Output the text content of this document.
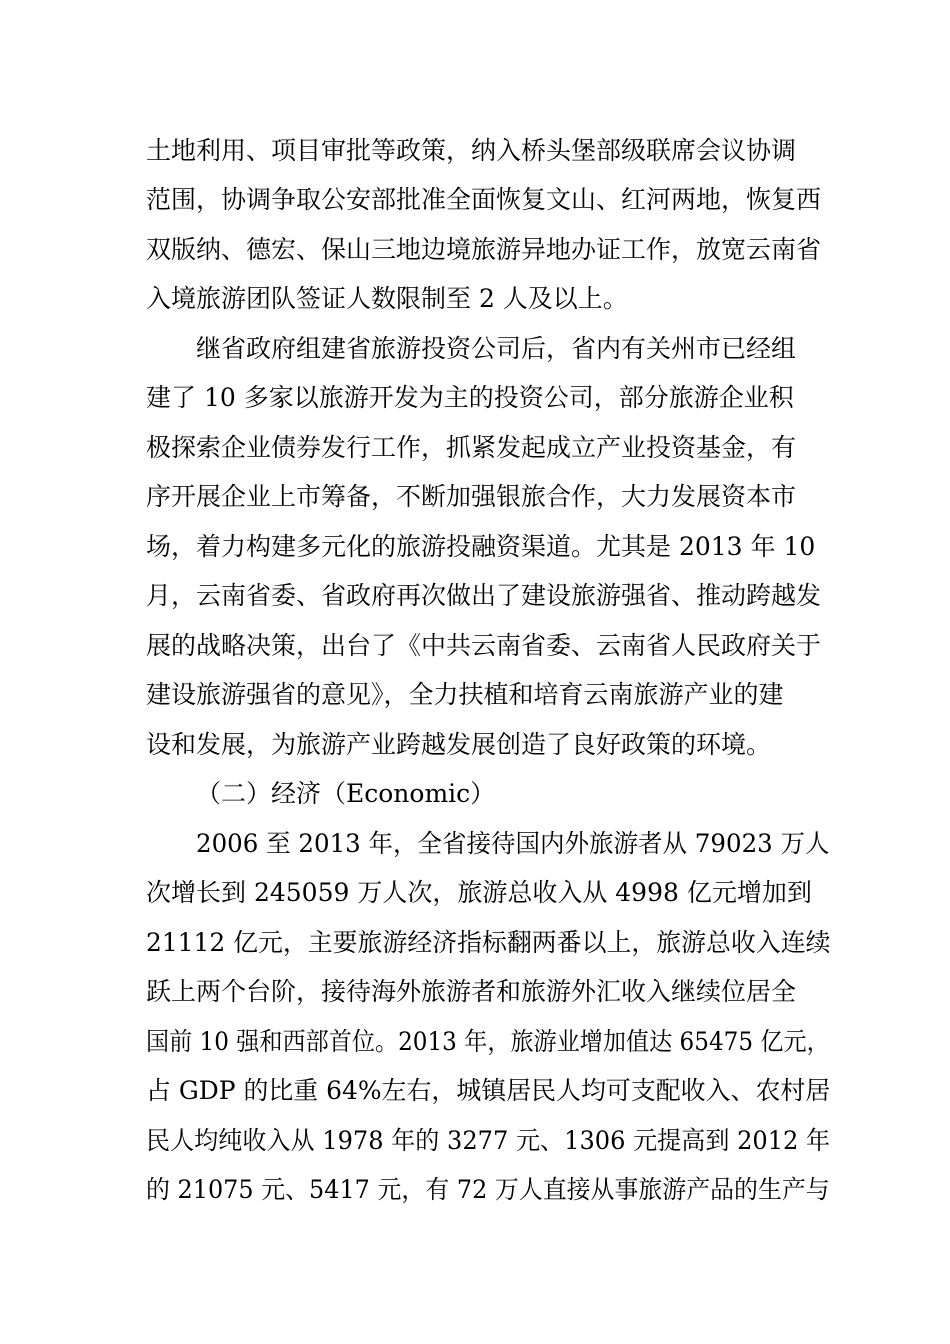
土地利用、项目审批等政策，纳入桥头堡部级联席会议协调
范围，协调争取公安部批准全面恢复文山、红河两地，恢复西
双版纳、德宏、保山三地边境旅游异地办证工作，放宽云南省
入境旅游团队签证人数限制至 2 人及以上。
继省政府组建省旅游投资公司后，省内有关州市已经组
建了 10 多家以旅游开发为主的投资公司，部分旅游企业积
极探索企业债券发行工作，抓紧发起成立产业投资基金，有
序开展企业上市筹备，不断加强银旅合作，大力发展资本市
场，着力构建多元化的旅游投融资渠道。尤其是 2013 年 10
月，云南省委、省政府再次做出了建设旅游强省、推动跨越发
展的战略决策，出台了《中共云南省委、云南省人民政府关于
建设旅游强省的意见》，全力扶植和培育云南旅游产业的建
设和发展，为旅游产业跨越发展创造了良好政策的环境。
（二）经济（Economic）
2006 至 2013 年，全省接待国内外旅游者从 79023 万人
次增长到 245059 万人次，旅游总收入从 4998 亿元增加到
21112 亿元，主要旅游经济指标翻两番以上，旅游总收入连续
跃上两个台阶，接待海外旅游者和旅游外汇收入继续位居全
国前 10 强和西部首位。2013 年，旅游业增加值达 65475 亿元，
占 GDP 的比重 64%左右，城镇居民人均可支配收入、农村居
民人均纯收入从 1978 年的 3277 元、1306 元提高到 2012 年
的 21075 元、5417 元，有 72 万人直接从事旅游产品的生产与
